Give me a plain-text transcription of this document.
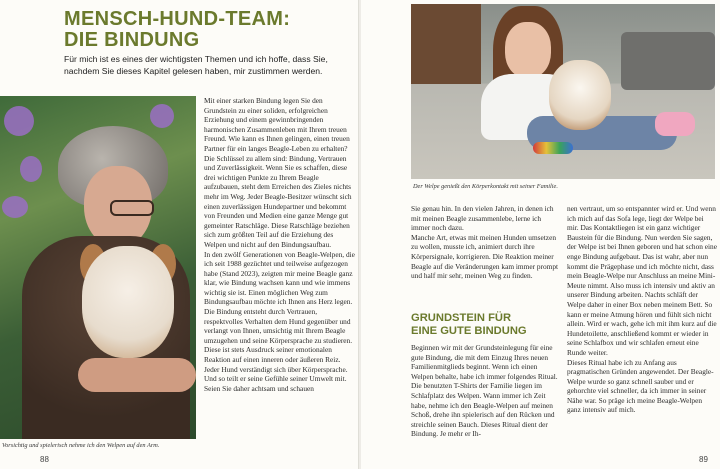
MENSCH-HUND-TEAM:
DIE BINDUNG

Für mich ist es eines der wichtigsten Themen und ich hoffe, dass Sie, nachdem Sie dieses Kapitel gelesen haben, mir zustimmen werden.

Vorsichtig und spielerisch nehme ich den Welpen auf den Arm.

Mit einer starken Bindung legen Sie den Grundstein zu einer soliden, erfolgreichen Erziehung und einem gewinnbringenden harmonischen Zusammenleben mit Ihrem treuen Freund. Wie kann es Ihnen gelingen, einen treuen Partner für ein langes Beagle-Leben zu erhalten?

Die Schlüssel zu allem sind: Bindung, Vertrauen und Zuverlässigkeit. Wenn Sie es schaffen, diese drei wichtigen Punkte zu Ihrem Beagle aufzubauen, steht dem Erreichen des Zieles nichts mehr im Weg. Jeder Beagle-Besitzer wünscht sich einen zuverlässigen Hundepartner und bekommt von Freunden und Medien eine ganze Menge gut gemeinter Ratschläge. Diese Ratschläge beziehen sich zum größten Teil auf die Erziehung des Welpen und nicht auf den Bindungsaufbau.

In den zwölf Generationen von Beagle-Welpen, die ich seit 1988 gezüchtet und teilweise aufgezogen habe (Stand 2023), zeigten mir meine Beagle ganz klar, wie Bindung wachsen kann und wie immens wichtig sie ist. Einen möglichen Weg zum Bindungsaufbau möchte ich Ihnen ans Herz legen.

Die Bindung entsteht durch Vertrauen, respektvolles Verhalten dem Hund gegenüber und verlangt von Ihnen, umsichtig mit Ihrem Beagle umzugehen und seine Körpersprache zu studieren. Diese ist stets Ausdruck seiner emotionalen Reaktion auf einen inneren oder äußeren Reiz. Jeder Hund verständigt sich über Körpersprache. Und so teilt er seine Gefühle seiner Umwelt mit. Seien Sie daher achtsam und schauen

88

Der Welpe genießt den Körperkontakt mit seiner Familie.

Sie genau hin. In den vielen Jahren, in denen ich mit meinen Beagle zusammenlebe, lerne ich immer noch dazu.

Manche Art, etwas mit meinen Hunden umsetzen zu wollen, musste ich, animiert durch ihre Körpersignale, korrigieren. Die Reaktion meiner Beagle auf die Veränderungen kam immer prompt und half mir sehr, meinen Weg zu finden.

GRUNDSTEIN FÜR
EINE GUTE BINDUNG

Beginnen wir mit der Grundsteinlegung für eine gute Bindung, die mit dem Einzug Ihres neuen Familienmitglieds beginnt. Wenn ich einen Welpen behalte, habe ich immer folgendes Ritual. Die benutzten T-Shirts der Familie liegen im Schlafplatz des Welpen. Wann immer ich Zeit habe, nehme ich den Beagle-Welpen auf meinen Schoß, drehe ihn spielerisch auf den Rücken und streichle seinen Bauch. Dieses Ritual dient der Bindung. Je mehr er Ih-

nen vertraut, um so entspannter wird er. Und wenn ich mich auf das Sofa lege, liegt der Welpe bei mir. Das Kontaktliegen ist ein ganz wichtiger Baustein für die Bindung. Nun werden Sie sagen, der Welpe ist bei Ihnen geboren und hat schon eine enge Bindung aufgebaut. Das ist wahr, aber nun kommt die Prägephase und ich möchte nicht, dass mein Beagle-Welpe nur Anschluss an meine Mini-Meute nimmt. Also muss ich intensiv und aktiv an unserer Bindung arbeiten. Nachts schläft der Welpe daher in einer Box neben meinem Bett. So kann er meine Atmung hören und fühlt sich nicht allein. Wird er wach, gehe ich mit ihm kurz auf die Hundetoilette, anschließend kommt er wieder in seine Schlafbox und wir schlafen erneut eine Runde weiter.

Dieses Ritual habe ich zu Anfang aus pragmatischen Gründen angewendet. Der Beagle-Welpe wurde so ganz schnell sauber und er gehorchte viel schneller, da ich immer in seiner Nähe war. So präge ich meine Beagle-Welpen ganz intensiv auf mich.

89
